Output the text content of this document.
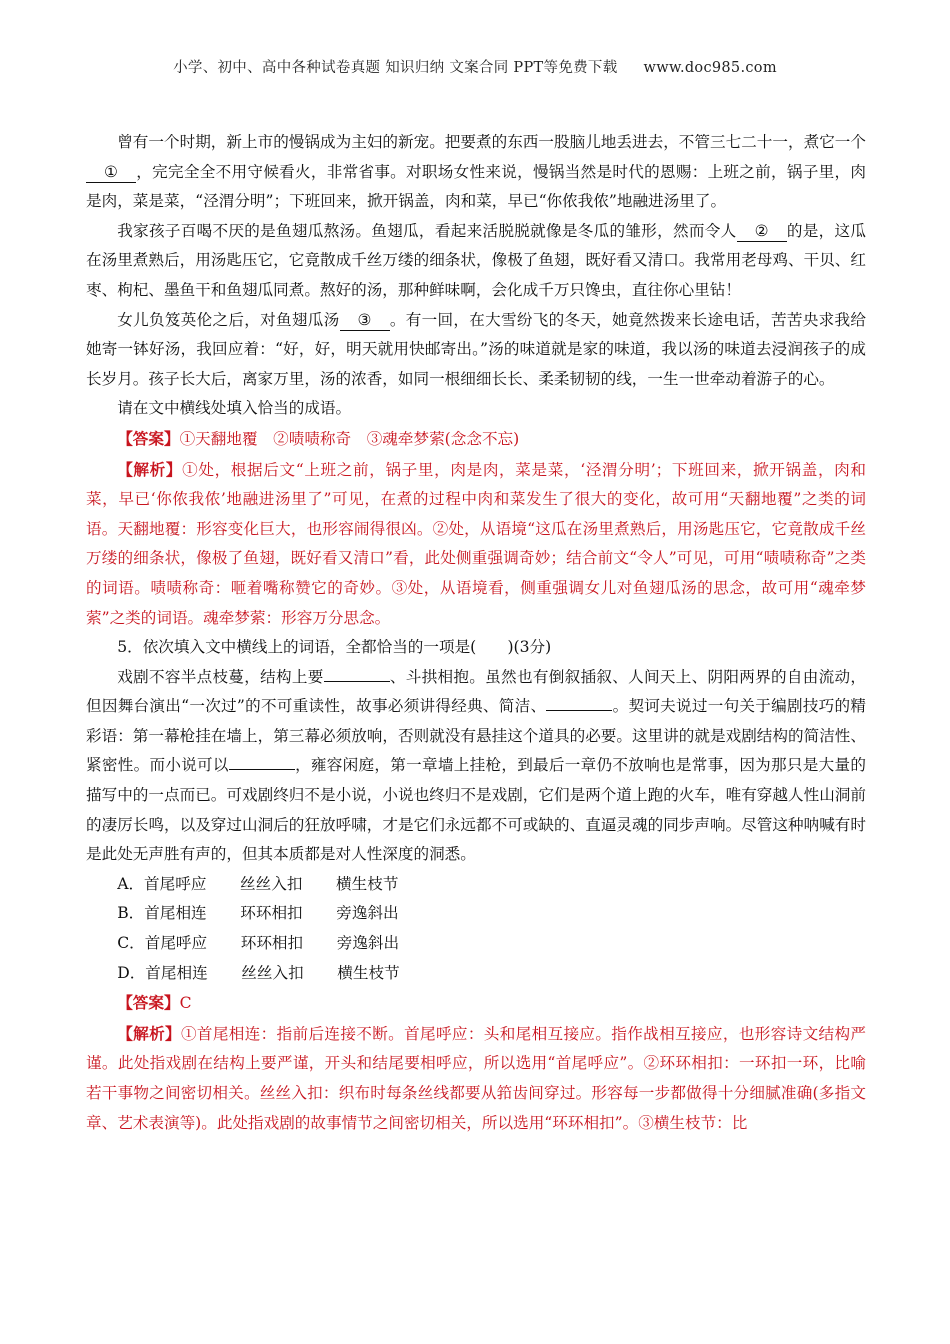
小学、初中、高中各种试卷真题 知识归纳 文案合同 PPT等免费下载 www.doc985.com

曾有一个时期，新上市的慢锅成为主妇的新宠。把要煮的东西一股脑儿地丢进去，不管三七二十一，煮它一个① ，完完全全不用守候看火，非常省事。对职场女性来说，慢锅当然是时代的恩赐：上班之前，锅子里，肉是肉，菜是菜，“泾渭分明”；下班回来，掀开锅盖，肉和菜，早已“你侬我侬”地融进汤里了。

我家孩子百喝不厌的是鱼翅瓜熬汤。鱼翅瓜，看起来活脱脱就像是冬瓜的雏形，然而令人 ② 的是，这瓜在汤里煮熟后，用汤匙压它，它竟散成千丝万缕的细条状，像极了鱼翅，既好看又清口。我常用老母鸡、干贝、红枣、枸杞、墨鱼干和鱼翅瓜同煮。熬好的汤，那种鲜味啊，会化成千万只馋虫，直往你心里钻！

女儿负笈英伦之后，对鱼翅瓜汤 ③ 。有一回，在大雪纷飞的冬天，她竟然拨来长途电话，苦苦央求我给她寄一钵好汤，我回应着：“好，好，明天就用快邮寄出。”汤的味道就是家的味道，我以汤的味道去浸润孩子的成长岁月。孩子长大后，离家万里，汤的浓香，如同一根细细长长、柔柔韧韧的线，一生一世牵动着游子的心。

请在文中横线处填入恰当的成语。

【答案】①天翻地覆　②啧啧称奇　③魂牵梦萦(念念不忘)

【解析】①处，根据后文“上班之前，锅子里，肉是肉，菜是菜，‘泾渭分明’；下班回来，掀开锅盖，肉和菜，早已‘你侬我侬’地融进汤里了”可见，在煮的过程中肉和菜发生了很大的变化，故可用“天翻地覆”之类的词语。天翻地覆：形容变化巨大，也形容闹得很凶。②处，从语境“这瓜在汤里煮熟后，用汤匙压它，它竟散成千丝万缕的细条状，像极了鱼翅，既好看又清口”看，此处侧重强调奇妙；结合前文“令人”可见，可用“啧啧称奇”之类的词语。啧啧称奇：咂着嘴称赞它的奇妙。③处，从语境看，侧重强调女儿对鱼翅瓜汤的思念，故可用“魂牵梦萦”之类的词语。魂牵梦萦：形容万分思念。

5．依次填入文中横线上的词语，全都恰当的一项是(　　)(3分)

戏剧不容半点枝蔓，结构上要	、斗拱相抱。虽然也有倒叙插叙、人间天上、阴阳两界的自由流动，但因舞台演出“一次过”的不可重读性，故事必须讲得经典、简洁、	。契诃夫说过一句关于编剧技巧的精彩语：第一幕枪挂在墙上，第三幕必须放响，否则就没有悬挂这个道具的必要。这里讲的就是戏剧结构的简洁性、紧密性。而小说可以	，雍容闲庭，第一章墙上挂枪，到最后一章仍不放响也是常事，因为那只是大量的描写中的一点而已。可戏剧终归不是小说，小说也终归不是戏剧，它们是两个道上跑的火车，唯有穿越人性山洞前的凄厉长鸣，以及穿过山洞后的狂放呼啸，才是它们永远都不可或缺的、直逼灵魂的同步声响。尽管这种呐喊有时是此处无声胜有声的，但其本质都是对人性深度的洞悉。

A．首尾呼应 丝丝入扣 横生枝节

B．首尾相连 环环相扣 旁逸斜出

C．首尾呼应 环环相扣 旁逸斜出

D．首尾相连 丝丝入扣 横生枝节

【答案】C

【解析】①首尾相连：指前后连接不断。首尾呼应：头和尾相互接应。指作战相互接应，也形容诗文结构严谨。此处指戏剧在结构上要严谨，开头和结尾要相呼应，所以选用“首尾呼应”。②环环相扣：一环扣一环，比喻若干事物之间密切相关。丝丝入扣：织布时每条丝线都要从筘齿间穿过。形容每一步都做得十分细腻准确(多指文章、艺术表演等)。此处指戏剧的故事情节之间密切相关，所以选用“环环相扣”。③横生枝节：比
